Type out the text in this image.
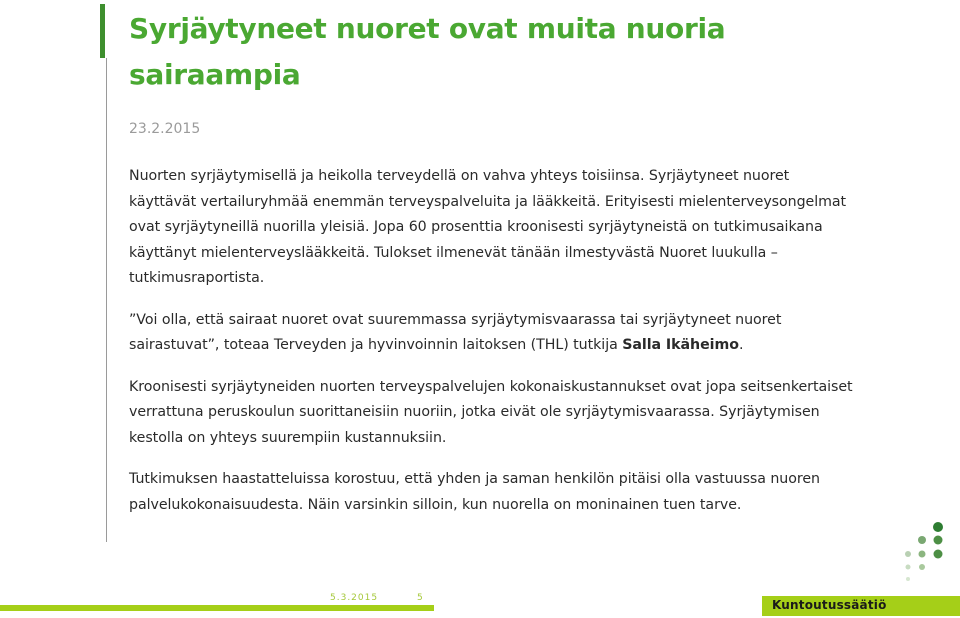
Syrjäytyneet nuoret ovat muita nuoria sairaampia

23.2.2015

Nuorten syrjäytymisellä ja heikolla terveydellä on vahva yhteys toisiinsa. Syrjäytyneet nuoret käyttävät vertailuryhmää enemmän terveyspalveluita ja lääkkeitä. Erityisesti mielenterveysongelmat ovat syrjäytyneillä nuorilla yleisiä. Jopa 60 prosenttia kroonisesti syrjäytyneistä on tutkimusaikana käyttänyt mielenterveyslääkkeitä. Tulokset ilmenevät tänään ilmestyvästä Nuoret luukulla –tutkimusraportista.

”Voi olla, että sairaat nuoret ovat suuremmassa syrjäytymisvaarassa tai syrjäytyneet nuoret sairastuvat”, toteaa Terveyden ja hyvinvoinnin laitoksen (THL) tutkija Salla Ikäheimo.

Kroonisesti syrjäytyneiden nuorten terveyspalvelujen kokonaiskustannukset ovat jopa seitsenkertaiset verrattuna peruskoulun suorittaneisiin nuoriin, jotka eivät ole syrjäytymisvaarassa. Syrjäytymisen kestolla on yhteys suurempiin kustannuksiin.

Tutkimuksen haastatteluissa korostuu, että yhden ja saman henkilön pitäisi olla vastuussa nuoren palvelukokonaisuudesta. Näin varsinkin silloin, kun nuorella on moninainen tuen tarve.

5.3.2015	5	Kuntoutussäätiö
